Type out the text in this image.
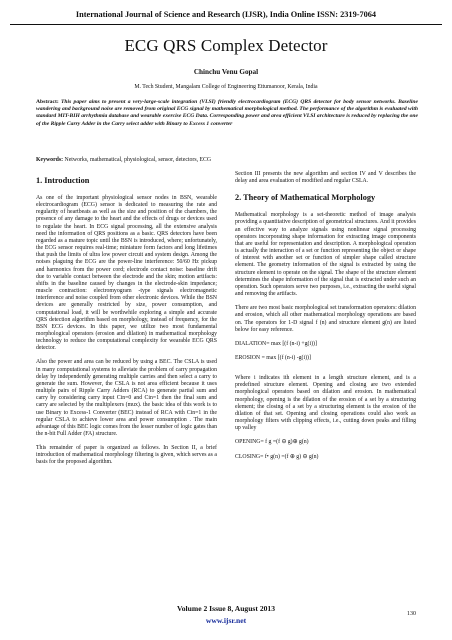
International Journal of Science and Research (IJSR), India Online ISSN: 2319-7064
ECG QRS Complex Detector
Chinchu Venu Gopal
M. Tech Student, Mangalam College of Engineering Ettumanoor, Kerala, India
Abstract: This paper aims to present a very-large-scale integration (VLSI) friendly electrocardiogram (ECG) QRS detector for body sensor networks. Baseline wandering and background noise are removed from original ECG signal by mathematical morphological method. The performance of the algorithm is evaluated with standard MIT-BIH arrhythmia database and wearable exercise ECG Data. Corresponding power and area efficient VLSI architecture is reduced by replacing the one of the Ripple Carry Adder in the Carry select adder with Binary to Excess 1 converter
Keywords: Networks, mathematical, physiological, sensor, detectors, ECG
1. Introduction

As one of the important physiological sensor nodes in BSN, wearable electrocardiogram (ECG) sensor is dedicated to measuring the rate and regularity of heartbeats as well as the size and position of the chambers, the presence of any damage to the heart and the effects of drugs or devices used to regulate the heart. In ECG signal processing, all the extensive analysis need the information of QRS positions as a basic. QRS detectors have been regarded as a mature topic until the BSN is introduced, where; unfortunately, the ECG sensor requires real-time; miniature form factors and long lifetimes that push the limits of ultra low power circuit and system design. Among the noises plaguing the ECG are the power-line interference: 50/60 Hz pickup and harmonics from the power cord; electrode contact noise: baseline drift due to variable contact between the electrode and the skin; motion artifacts: shifts in the baseline caused by changes in the electrode-skin impedance; muscle contraction: electromyogram -type signals electromagnetic interference and noise coupled from other electronic devices. While the BSN devices are generally restricted by size, power consumption, and computational load, it will be worthwhile exploring a simple and accurate QRS detection algorithm based on morphology, instead of frequency, for the BSN ECG devices. In this paper, we utilize two most fundamental morphological operators (erosion and dilation) in mathematical morphology technology to reduce the computational complexity for wearable ECG QRS detector.

Also the power and area can be reduced by using a BEC. The CSLA is used in many computational systems to alleviate the problem of carry propagation delay by independently generating multiple carries and then select a carry to generate the sum. However, the CSLA is not area efficient because it uses multiple pairs of Ripple Carry Adders (RCA) to generate partial sum and carry by considering carry input Cin=0 and Cin=1 then the final sum and carry are selected by the multiplexers (mux). the basic idea of this work is to use Binary to Excess-1 Converter (BEC) instead of RCA with Cin=1 in the regular CSLA to achieve lower area and power consumption . The main advantage of this BEC logic comes from the lesser number of logic gates than the n-bit Full Adder (FA) structure.

This remainder of paper is organized as follows. In Section II, a brief introduction of mathematical morphology filtering is given, which serves as a basis for the proposed algorithm.

Section III presents the new algorithm and section IV and V describes the delay and area evaluation of modified and regular CSLA.

2. Theory of Mathematical Morphology

Mathematical morphology is a set-theoretic method of image analysis providing a quantitative description of geometrical structures. And it provides an effective way to analyze signals using nonlinear signal processing operators incorporating shape information for extracting image components that are useful for representation and description. A morphological operation is actually the interaction of a set or function representing the object or shape of interest with another set or function of simpler shape called structure element. The geometry information of the signal is extracted by using the structure element to operate on the signal. The shape of the structure element determines the shape information of the signal that is extracted under such an operation. Such operators serve two purposes, i.e., extracting the useful signal and removing the artifacts.

There are two most basic morphological set transformation operators: dilation and erosion, which all other mathematical morphology operations are based on. The operators for 1-D signal f (n) and structure element g(n) are listed below for easy reference.

DIALATION= max [(f (n-i) +g(i))]

EROSION = max [(f (n-i) -g(i))]

Where i indicates ith element in a length structure element, and is a predefined structure element. Opening and closing are two extended morphological operators based on dilation and erosion. In mathematical morphology, opening is the dilation of the erosion of a set by a structuring element; the closing of a set by a structuring element is the erosion of the dilation of that set. Opening and closing operations could also work as morphology filters with clipping effects, i.e., cutting down peaks and filling up valley

OPENING= f g =(f ⊖ g)⊕ g(n)

CLOSING= f• g(n) =(f ⊕ g) ⊖ g(n)

Volume 2 Issue 8, August 2013
www.ijsr.net
130
